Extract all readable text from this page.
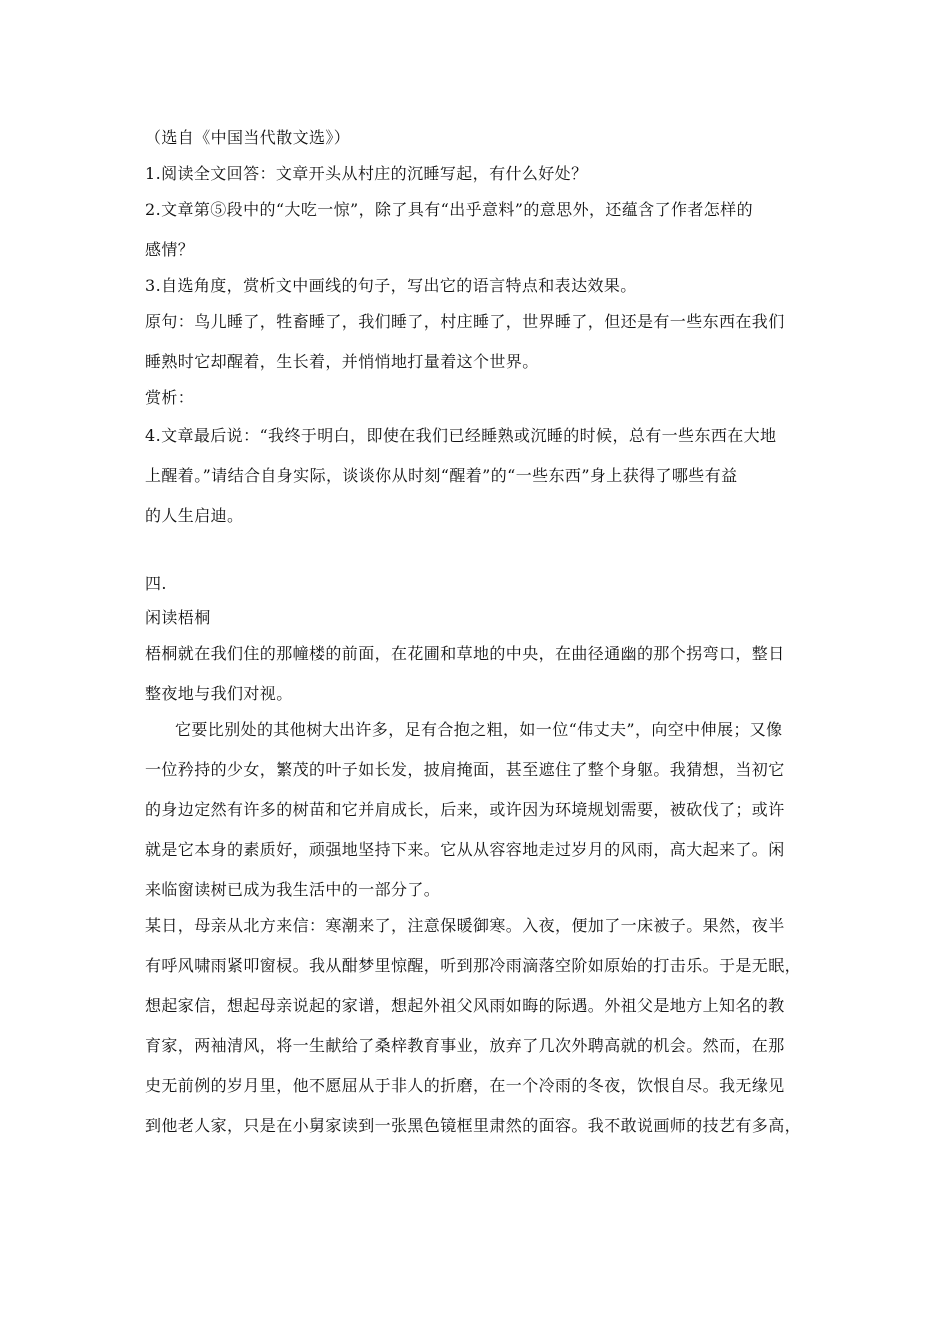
（选自《中国当代散文选》）
1.阅读全文回答：文章开头从村庄的沉睡写起，有什么好处？
2.文章第⑤段中的“大吃一惊”，除了具有“出乎意料”的意思外，还蕴含了作者怎样的
感情？
3.自选角度，赏析文中画线的句子，写出它的语言特点和表达效果。
原句：鸟儿睡了，牲畜睡了，我们睡了，村庄睡了，世界睡了，但还是有一些东西在我们
睡熟时它却醒着，生长着，并悄悄地打量着这个世界。
赏析：
4.文章最后说：“我终于明白，即使在我们已经睡熟或沉睡的时候，总有一些东西在大地
上醒着。”请结合自身实际，谈谈你从时刻“醒着”的“一些东西”身上获得了哪些有益
的人生启迪。
四.
闲读梧桐
梧桐就在我们住的那幢楼的前面，在花圃和草地的中央，在曲径通幽的那个拐弯口，整日
整夜地与我们对视。
它要比别处的其他树大出许多，足有合抱之粗，如一位“伟丈夫”，向空中伸展；又像
一位矜持的少女，繁茂的叶子如长发，披肩掩面，甚至遮住了整个身躯。我猜想，当初它
的身边定然有许多的树苗和它并肩成长，后来，或许因为环境规划需要，被砍伐了；或许
就是它本身的素质好，顽强地坚持下来。它从从容容地走过岁月的风雨，高大起来了。闲
来临窗读树已成为我生活中的一部分了。
某日，母亲从北方来信：寒潮来了，注意保暖御寒。入夜，便加了一床被子。果然，夜半
有呼风啸雨紧叩窗棂。我从酣梦里惊醒，听到那冷雨滴落空阶如原始的打击乐。于是无眠，
想起家信，想起母亲说起的家谱，想起外祖父风雨如晦的际遇。外祖父是地方上知名的教
育家，两袖清风，将一生献给了桑梓教育事业，放弃了几次外聘高就的机会。然而，在那
史无前例的岁月里，他不愿屈从于非人的折磨，在一个冷雨的冬夜，饮恨自尽。我无缘见
到他老人家，只是在小舅家读到一张黑色镜框里肃然的面容。我不敢说画师的技艺有多高，
